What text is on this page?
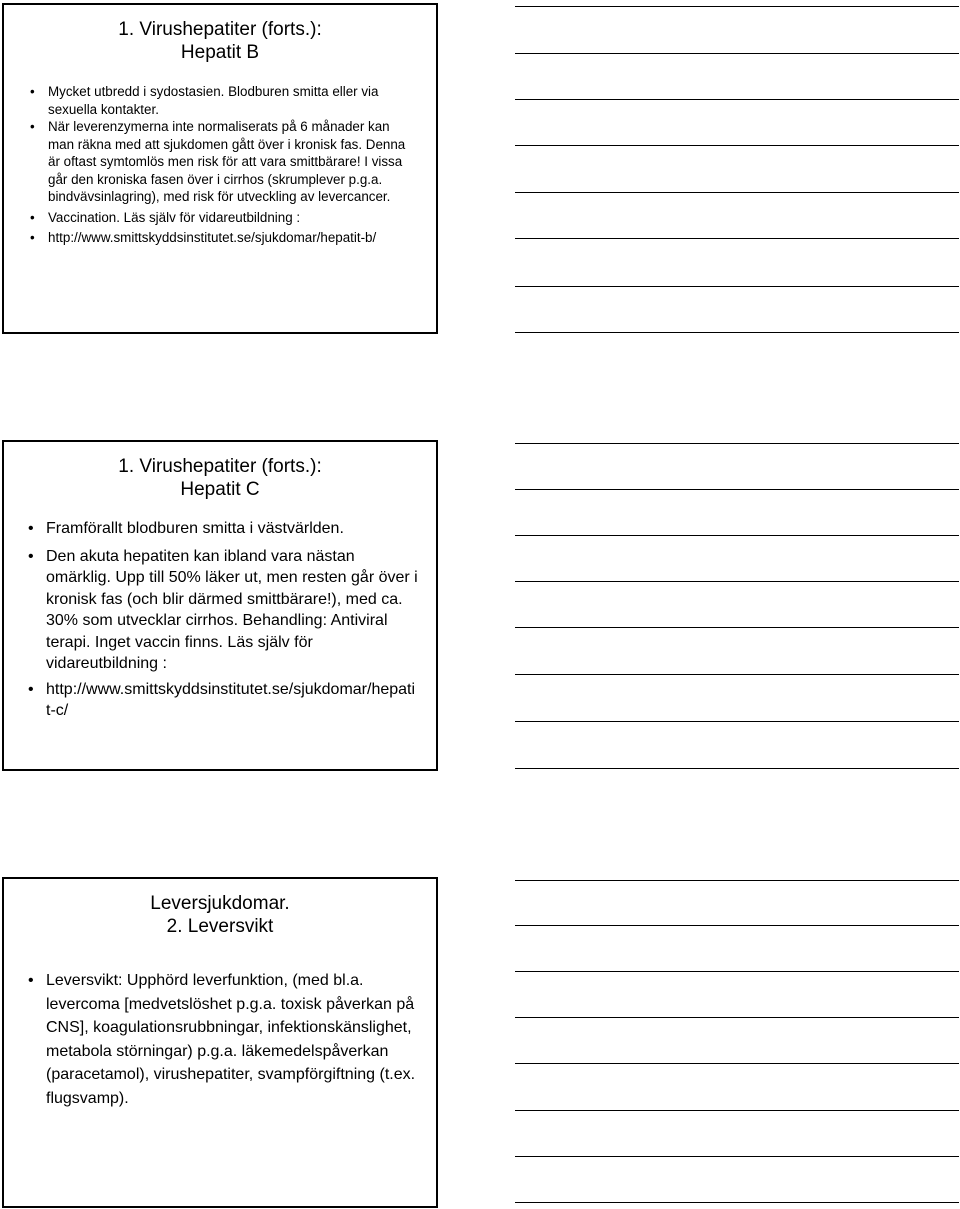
1. Virushepatiter (forts.):
Hepatit B
• Mycket utbredd i sydostasien. Blodburen smitta eller via sexuella kontakter.
• När leverenzymerna inte normaliserats på 6 månader kan man räkna med att sjukdomen gått över i kronisk fas. Denna är oftast symtomlös men risk för att vara smittbärare! I vissa går den kroniska fasen över i cirrhos (skrumplever p.g.a. bindvävsinlagring), med risk för utveckling av levercancer.
• Vaccination. Läs själv för vidareutbildning :
• http://www.smittskyddsinstitutet.se/sjukdomar/hepatit-b/
1. Virushepatiter (forts.):
Hepatit C
• Framförallt blodburen smitta i västvärlden.
• Den akuta hepatiten kan ibland vara nästan omärklig. Upp till 50% läker ut, men resten går över i kronisk fas (och blir därmed smittbärare!), med ca. 30% som utvecklar cirrhos. Behandling: Antiviral terapi. Inget vaccin finns. Läs själv för vidareutbildning :
• http://www.smittskyddsinstitutet.se/sjukdomar/hepatit-c/
Leversjukdomar.
2. Leversvikt
• Leversvikt: Upphörd leverfunktion, (med bl.a. levercoma [medvetslöshet p.g.a. toxisk påverkan på CNS], koagulationsrubbningar, infektionskänslighet, metabola störningar) p.g.a. läkemedelspåverkan (paracetamol), virushepatiter, svampförgiftning (t.ex. flugsvamp).
